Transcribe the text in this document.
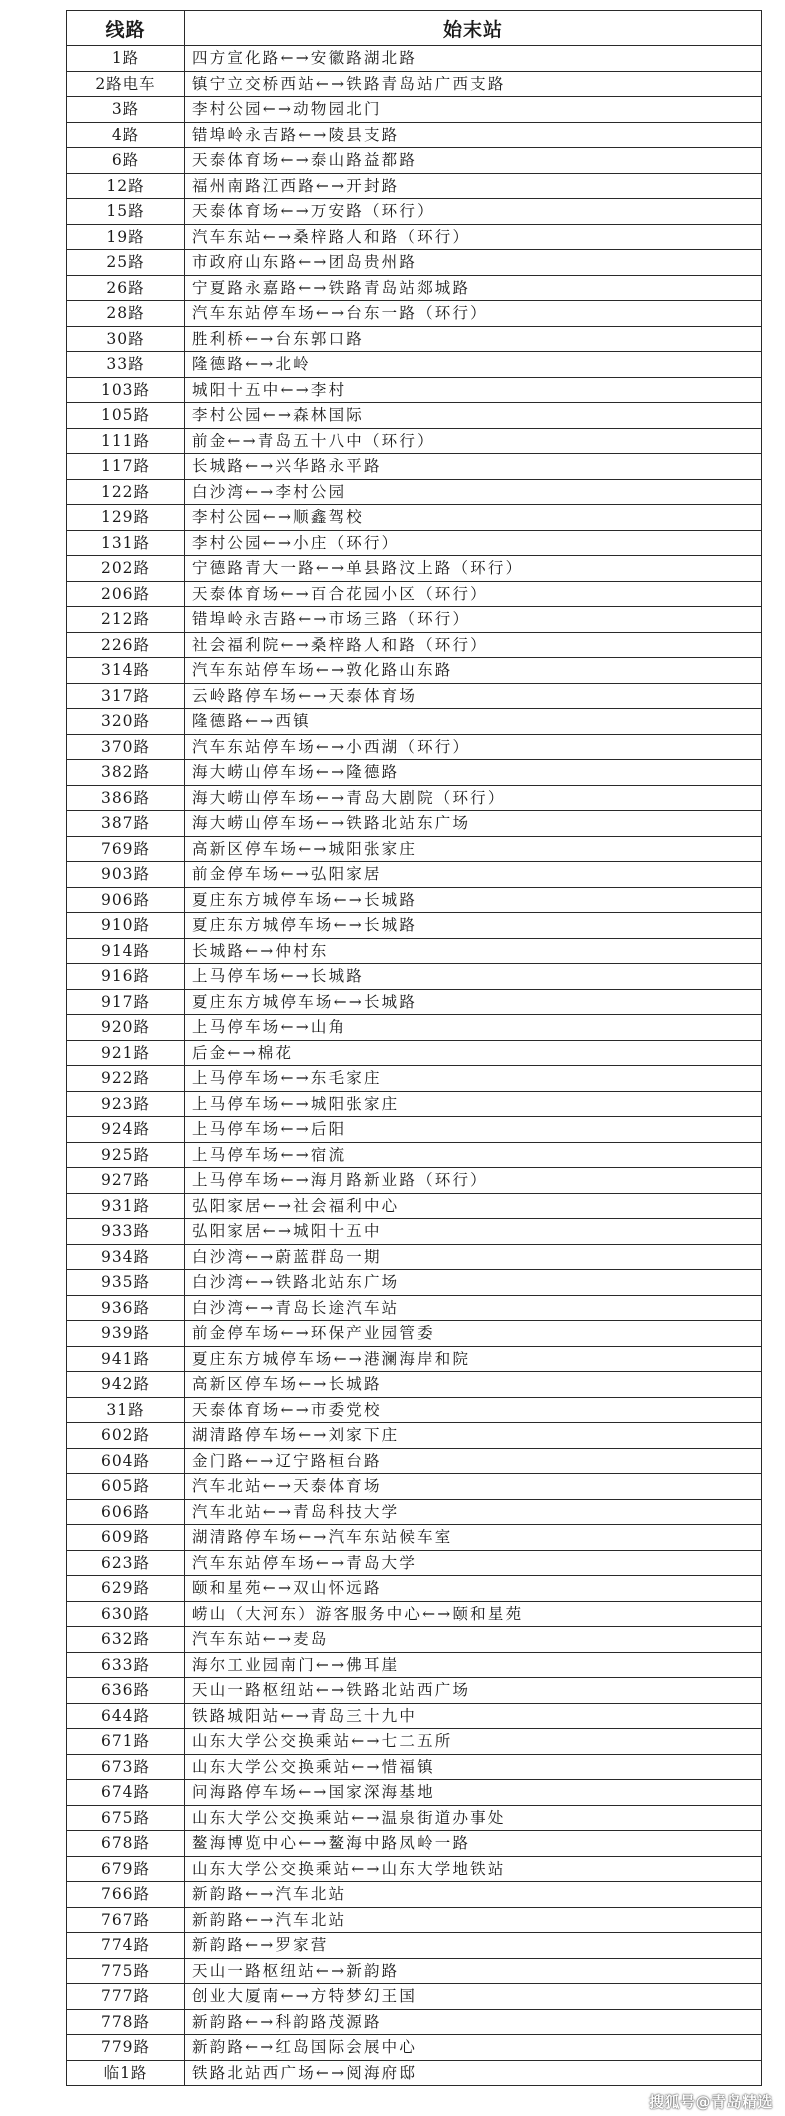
线路	始末站
1路	四方宣化路←→安徽路湖北路
2路电车	镇宁立交桥西站←→铁路青岛站广西支路
3路	李村公园←→动物园北门
4路	错埠岭永吉路←→陵县支路
6路	天泰体育场←→泰山路益都路
12路	福州南路江西路←→开封路
15路	天泰体育场←→万安路（环行）
19路	汽车东站←→桑梓路人和路（环行）
25路	市政府山东路←→团岛贵州路
26路	宁夏路永嘉路←→铁路青岛站郯城路
28路	汽车东站停车场←→台东一路（环行）
30路	胜利桥←→台东郭口路
33路	隆德路←→北岭
103路	城阳十五中←→李村
105路	李村公园←→森林国际
111路	前金←→青岛五十八中（环行）
117路	长城路←→兴华路永平路
122路	白沙湾←→李村公园
129路	李村公园←→顺鑫驾校
131路	李村公园←→小庄（环行）
202路	宁德路青大一路←→单县路汶上路（环行）
206路	天泰体育场←→百合花园小区（环行）
212路	错埠岭永吉路←→市场三路（环行）
226路	社会福利院←→桑梓路人和路（环行）
314路	汽车东站停车场←→敦化路山东路
317路	云岭路停车场←→天泰体育场
320路	隆德路←→西镇
370路	汽车东站停车场←→小西湖（环行）
382路	海大崂山停车场←→隆德路
386路	海大崂山停车场←→青岛大剧院（环行）
387路	海大崂山停车场←→铁路北站东广场
769路	高新区停车场←→城阳张家庄
903路	前金停车场←→弘阳家居
906路	夏庄东方城停车场←→长城路
910路	夏庄东方城停车场←→长城路
914路	长城路←→仲村东
916路	上马停车场←→长城路
917路	夏庄东方城停车场←→长城路
920路	上马停车场←→山角
921路	后金←→棉花
922路	上马停车场←→东毛家庄
923路	上马停车场←→城阳张家庄
924路	上马停车场←→后阳
925路	上马停车场←→宿流
927路	上马停车场←→海月路新业路（环行）
931路	弘阳家居←→社会福利中心
933路	弘阳家居←→城阳十五中
934路	白沙湾←→蔚蓝群岛一期
935路	白沙湾←→铁路北站东广场
936路	白沙湾←→青岛长途汽车站
939路	前金停车场←→环保产业园管委
941路	夏庄东方城停车场←→港澜海岸和院
942路	高新区停车场←→长城路
31路	天泰体育场←→市委党校
602路	湖清路停车场←→刘家下庄
604路	金门路←→辽宁路桓台路
605路	汽车北站←→天泰体育场
606路	汽车北站←→青岛科技大学
609路	湖清路停车场←→汽车东站候车室
623路	汽车东站停车场←→青岛大学
629路	颐和星苑←→双山怀远路
630路	崂山（大河东）游客服务中心←→颐和星苑
632路	汽车东站←→麦岛
633路	海尔工业园南门←→佛耳崖
636路	天山一路枢纽站←→铁路北站西广场
644路	铁路城阳站←→青岛三十九中
671路	山东大学公交换乘站←→七二五所
673路	山东大学公交换乘站←→惜福镇
674路	问海路停车场←→国家深海基地
675路	山东大学公交换乘站←→温泉街道办事处
678路	鳌海博览中心←→鳌海中路凤岭一路
679路	山东大学公交换乘站←→山东大学地铁站
766路	新韵路←→汽车北站
767路	新韵路←→汽车北站
774路	新韵路←→罗家营
775路	天山一路枢纽站←→新韵路
777路	创业大厦南←→方特梦幻王国
778路	新韵路←→科韵路茂源路
779路	新韵路←→红岛国际会展中心
临1路	铁路北站西广场←→阅海府邸
搜狐号@青岛精选
